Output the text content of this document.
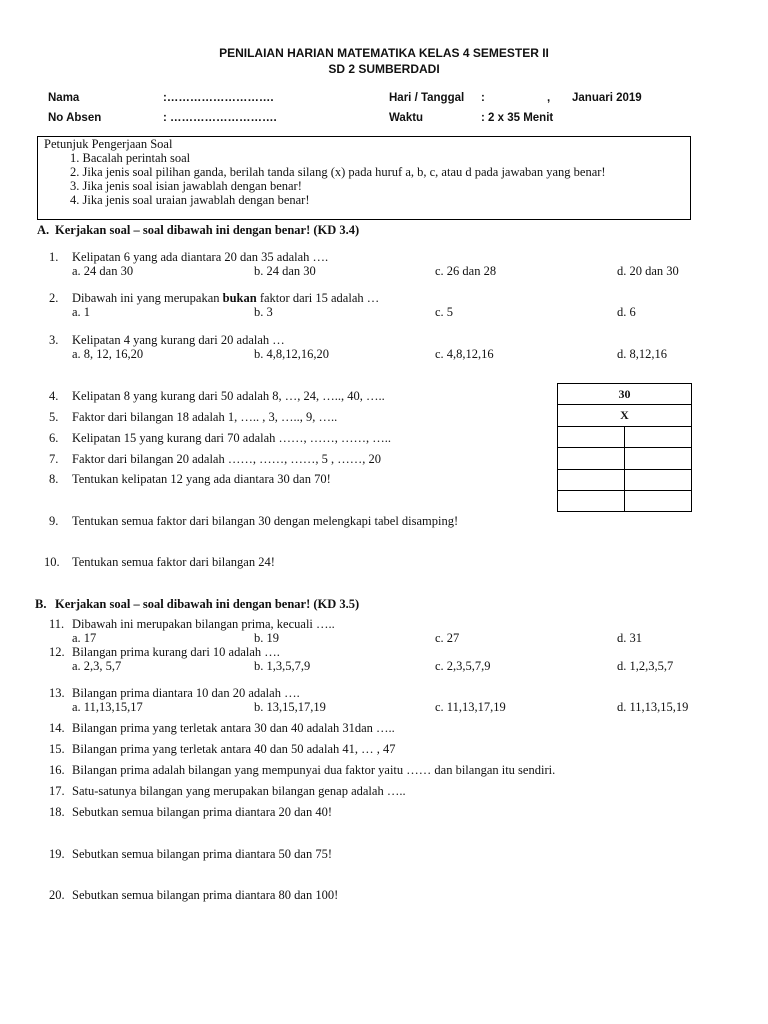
PENILAIAN HARIAN MATEMATIKA KELAS 4 SEMESTER II
SD 2 SUMBERDADI
Nama	:……………………….	Hari / Tanggal :	, Januari 2019
No Absen	: ……………………….	Waktu	: 2 x 35 Menit
Petunjuk Pengerjaan Soal
1. Bacalah perintah soal
2. Jika jenis soal pilihan ganda, berilah tanda silang (x) pada huruf a, b, c, atau d pada jawaban yang benar!
3. Jika jenis soal isian jawablah dengan benar!
4. Jika jenis soal uraian jawablah dengan benar!
A. Kerjakan soal – soal dibawah ini dengan benar! (KD 3.4)
1. Kelipatan 6 yang ada diantara 20 dan 35 adalah ….
a. 24 dan 30	b. 24 dan 30	c. 26 dan 28	d. 20 dan 30
2. Dibawah ini yang merupakan bukan faktor dari 15 adalah …
a. 1	b. 3	c. 5	d. 6
3. Kelipatan 4 yang kurang dari 20 adalah …
a. 8, 12, 16,20	b. 4,8,12,16,20	c. 4,8,12,16	d. 8,12,16
4. Kelipatan 8 yang kurang dari 50 adalah 8, …, 24, ….., 40, …..
5. Faktor dari bilangan 18 adalah 1, ….. , 3, ….., 9, …..
6. Kelipatan 15 yang kurang dari 70 adalah ……, ……, ……, …..
7. Faktor dari bilangan 20 adalah ……, ……, ……, 5 , ……, 20
8. Tentukan kelipatan 12 yang ada diantara 30 dan 70!
9. Tentukan semua faktor dari bilangan 30 dengan melengkapi tabel disamping!
10. Tentukan semua faktor dari bilangan 24!
30	
X	

B. Kerjakan soal – soal dibawah ini dengan benar! (KD 3.5)
11. Dibawah ini merupakan bilangan prima, kecuali …..
a. 17	b. 19	c. 27	d. 31
12. Bilangan prima kurang dari 10 adalah ….
a. 2,3, 5,7	b. 1,3,5,7,9	c. 2,3,5,7,9	d. 1,2,3,5,7
13. Bilangan prima diantara 10 dan 20 adalah ….
a. 11,13,15,17	b. 13,15,17,19	c. 11,13,17,19	d. 11,13,15,19
14. Bilangan prima yang terletak antara 30 dan 40 adalah 31dan …..
15. Bilangan prima yang terletak antara 40 dan 50 adalah 41, … , 47
16. Bilangan prima adalah bilangan yang mempunyai dua faktor yaitu …… dan bilangan itu sendiri.
17. Satu-satunya bilangan yang merupakan bilangan genap adalah …..
18. Sebutkan semua bilangan prima diantara 20 dan 40!
19. Sebutkan semua bilangan prima diantara 50 dan 75!
20. Sebutkan semua bilangan prima diantara 80 dan 100!
